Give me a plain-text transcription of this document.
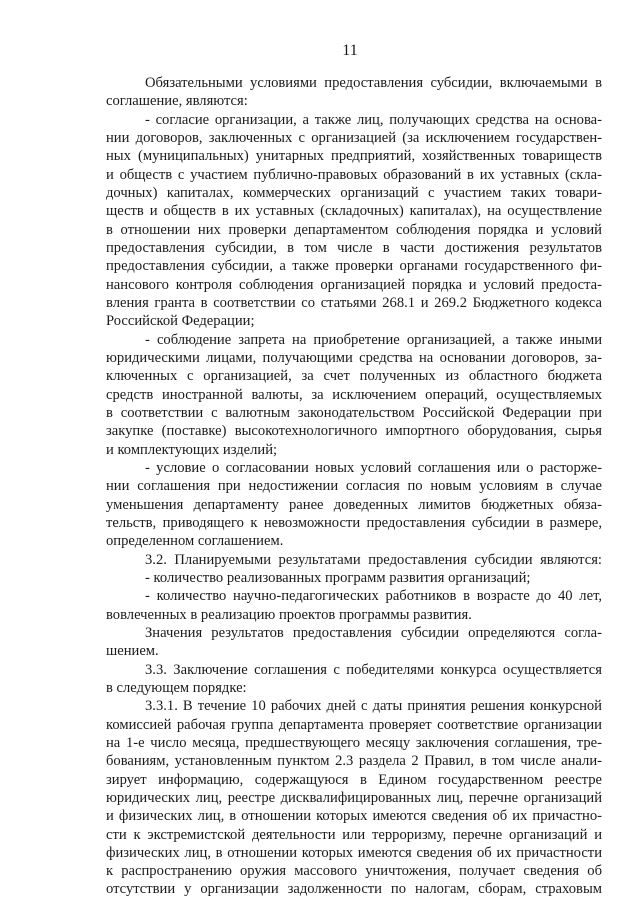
11
Обязательными условиями предоставления субсидии, включаемыми в
соглашение, являются:
- согласие организации, а также лиц, получающих средства на основа-
нии договоров, заключенных с организацией (за исключением государствен-
ных (муниципальных) унитарных предприятий, хозяйственных товариществ
и обществ с участием публично-правовых образований в их уставных (скла-
дочных) капиталах, коммерческих организаций с участием таких товари-
ществ и обществ в их уставных (складочных) капиталах), на осуществление
в отношении них проверки департаментом соблюдения порядка и условий
предоставления субсидии, в том числе в части достижения результатов
предоставления субсидии, а также проверки органами государственного фи-
нансового контроля соблюдения организацией порядка и условий предоста-
вления гранта в соответствии со статьями 268.1 и 269.2 Бюджетного кодекса
Российской Федерации;
- соблюдение запрета на приобретение организацией, а также иными
юридическими лицами, получающими средства на основании договоров, за-
ключенных с организацией, за счет полученных из областного бюджета
средств иностранной валюты, за исключением операций, осуществляемых
в соответствии с валютным законодательством Российской Федерации при
закупке (поставке) высокотехнологичного импортного оборудования, сырья
и комплектующих изделий;
- условие о согласовании новых условий соглашения или о расторже-
нии соглашения при недостижении согласия по новым условиям в случае
уменьшения департаменту ранее доведенных лимитов бюджетных обяза-
тельств, приводящего к невозможности предоставления субсидии в размере,
определенном соглашением.
3.2. Планируемыми результатами предоставления субсидии являются:
- количество реализованных программ развития организаций;
- количество научно-педагогических работников в возрасте до 40 лет,
вовлеченных в реализацию проектов программы развития.
Значения результатов предоставления субсидии определяются согла-
шением.
3.3. Заключение соглашения с победителями конкурса осуществляется
в следующем порядке:
3.3.1. В течение 10 рабочих дней с даты принятия решения конкурсной
комиссией рабочая группа департамента проверяет соответствие организации
на 1-е число месяца, предшествующего месяцу заключения соглашения, тре-
бованиям, установленным пунктом 2.3 раздела 2 Правил, в том числе анали-
зирует информацию, содержащуюся в Едином государственном реестре
юридических лиц, реестре дисквалифицированных лиц, перечне организаций
и физических лиц, в отношении которых имеются сведения об их причастно-
сти к экстремистской деятельности или терроризму, перечне организаций и
физических лиц, в отношении которых имеются сведения об их причастности
к распространению оружия массового уничтожения, получает сведения об
отсутствии у организации задолженности по налогам, сборам, страховым
